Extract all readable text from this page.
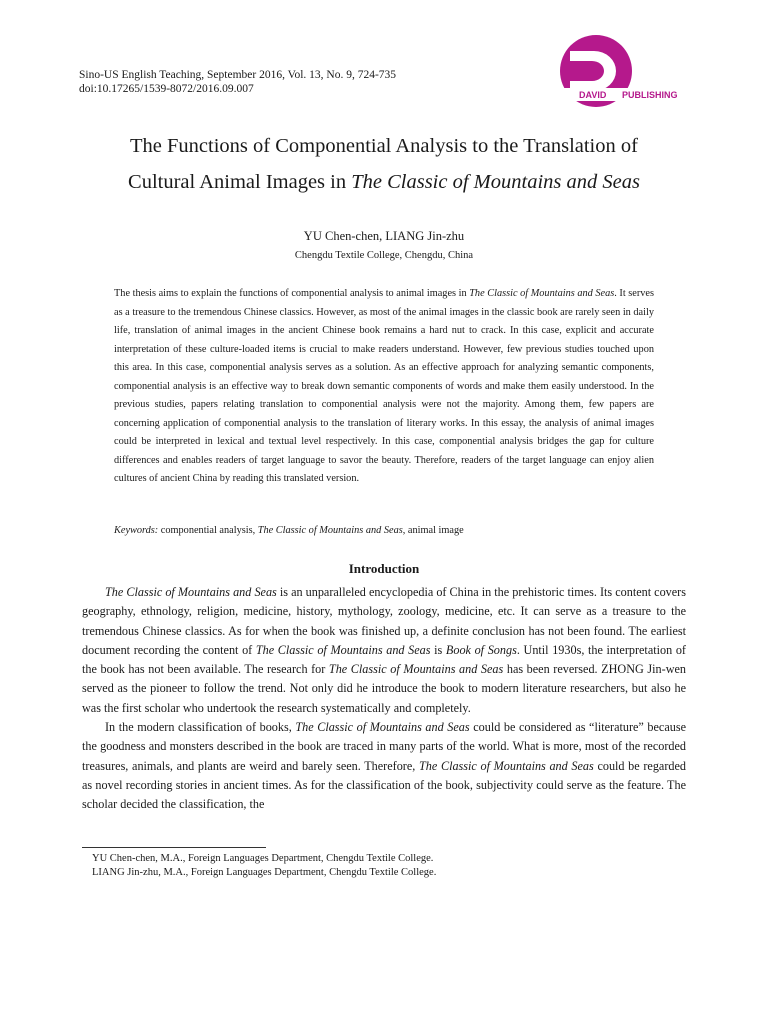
Sino-US English Teaching, September 2016, Vol. 13, No. 9, 724-735
doi:10.17265/1539-8072/2016.09.007	DAVID PUBLISHING
The Functions of Componential Analysis to the Translation of
Cultural Animal Images in The Classic of Mountains and Seas
YU Chen-chen, LIANG Jin-zhu
Chengdu Textile College, Chengdu, China
The thesis aims to explain the functions of componential analysis to animal images in The Classic of Mountains and Seas. It serves as a treasure to the tremendous Chinese classics. However, as most of the animal images in the classic book are rarely seen in daily life, translation of animal images in the ancient Chinese book remains a hard nut to crack. In this case, explicit and accurate interpretation of these culture-loaded items is crucial to make readers understand. However, few previous studies touched upon this area. In this case, componential analysis serves as a solution. As an effective approach for analyzing semantic components, componential analysis is an effective way to break down semantic components of words and make them easily understood. In the previous studies, papers relating translation to componential analysis were not the majority. Among them, few papers are concerning application of componential analysis to the translation of literary works. In this essay, the analysis of animal images could be interpreted in lexical and textual level respectively. In this case, componential analysis bridges the gap for culture differences and enables readers of target language to savor the beauty. Therefore, readers of the target language can enjoy alien cultures of ancient China by reading this translated version.
Keywords: componential analysis, The Classic of Mountains and Seas, animal image
Introduction

The Classic of Mountains and Seas is an unparalleled encyclopedia of China in the prehistoric times. Its content covers geography, ethnology, religion, medicine, history, mythology, zoology, medicine, etc. It can serve as a treasure to the tremendous Chinese classics. As for when the book was finished up, a definite conclusion has not been found. The earliest document recording the content of The Classic of Mountains and Seas is Book of Songs. Until 1930s, the interpretation of the book has not been available. The research for The Classic of Mountains and Seas has been reversed. ZHONG Jin-wen served as the pioneer to follow the trend. Not only did he introduce the book to modern literature researchers, but also he was the first scholar who undertook the research systematically and completely.

In the modern classification of books, The Classic of Mountains and Seas could be considered as “literature” because the goodness and monsters described in the book are traced in many parts of the world. What is more, most of the recorded treasures, animals, and plants are weird and barely seen. Therefore, The Classic of Mountains and Seas could be regarded as novel recording stories in ancient times. As for the classification of the book, subjectivity could serve as the feature. The scholar decided the classification, the

YU Chen-chen, M.A., Foreign Languages Department, Chengdu Textile College.
LIANG Jin-zhu, M.A., Foreign Languages Department, Chengdu Textile College.
